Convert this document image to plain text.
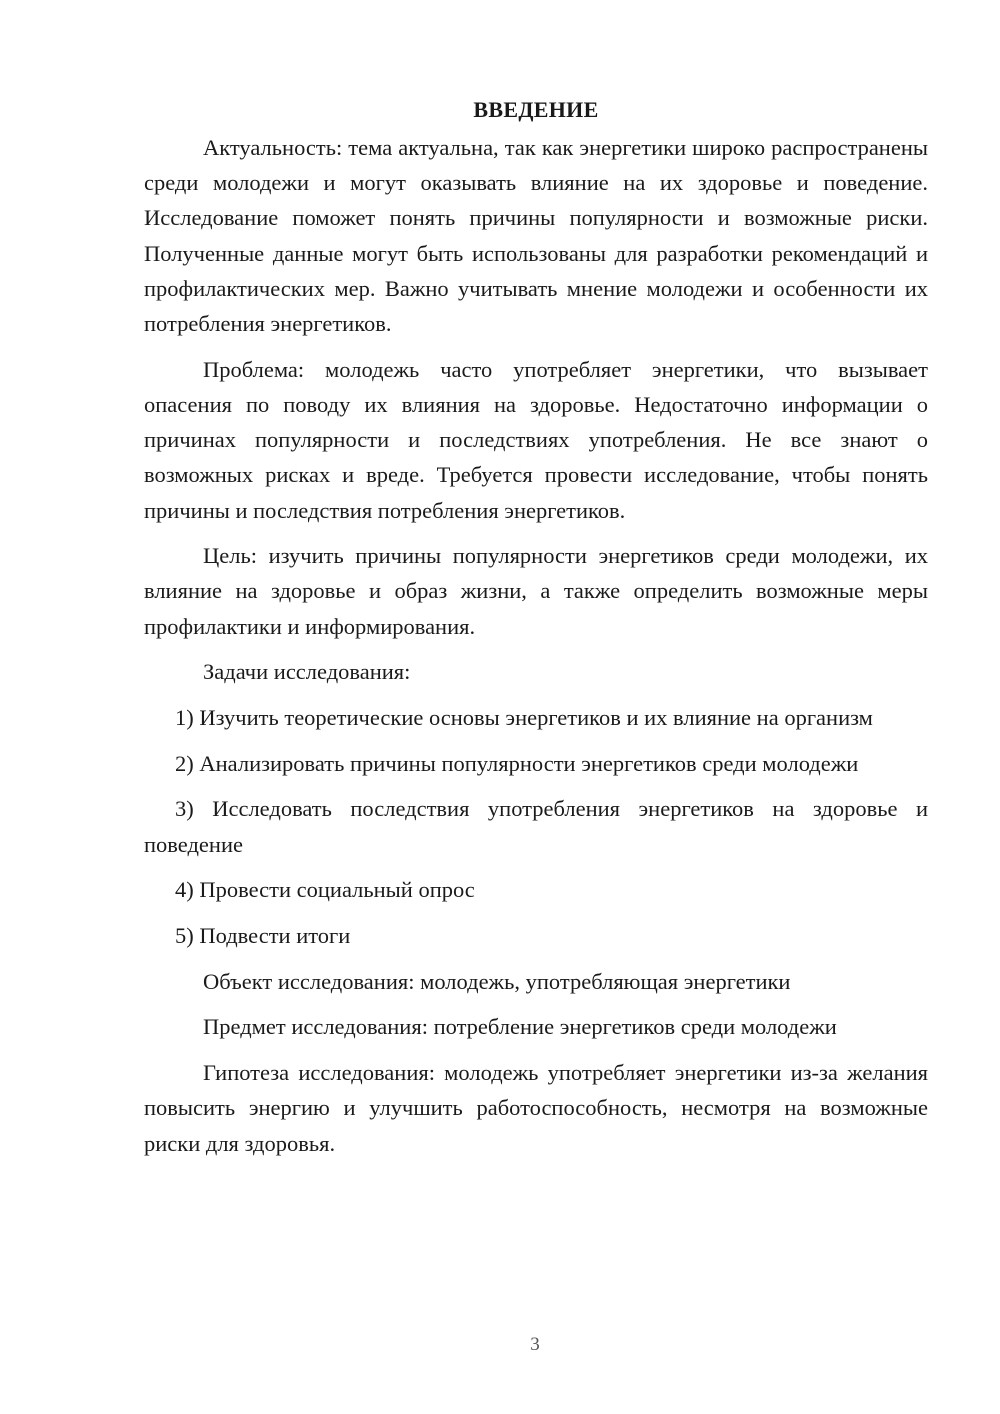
ВВЕДЕНИЕ

Актуальность: тема актуальна, так как энергетики широко распространены среди молодежи и могут оказывать влияние на их здоровье и поведение. Исследование поможет понять причины популярности и возможные риски. Полученные данные могут быть использованы для разработки рекомендаций и профилактических мер. Важно учитывать мнение молодежи и особенности их потребления энергетиков.

Проблема: молодежь часто употребляет энергетики, что вызывает опасения по поводу их влияния на здоровье. Недостаточно информации о причинах популярности и последствиях употребления. Не все знают о возможных рисках и вреде. Требуется провести исследование, чтобы понять причины и последствия потребления энергетиков.

Цель: изучить причины популярности энергетиков среди молодежи, их влияние на здоровье и образ жизни, а также определить возможные меры профилактики и информирования.

Задачи исследования:

1) Изучить теоретические основы энергетиков и их влияние на организм

2) Анализировать причины популярности энергетиков среди молодежи

3) Исследовать последствия употребления энергетиков на здоровье и поведение

4) Провести социальный опрос

5) Подвести итоги

Объект исследования: молодежь, употребляющая энергетики

Предмет исследования: потребление энергетиков среди молодежи

Гипотеза исследования: молодежь употребляет энергетики из-за желания повысить энергию и улучшить работоспособность, несмотря на возможные риски для здоровья.

3
